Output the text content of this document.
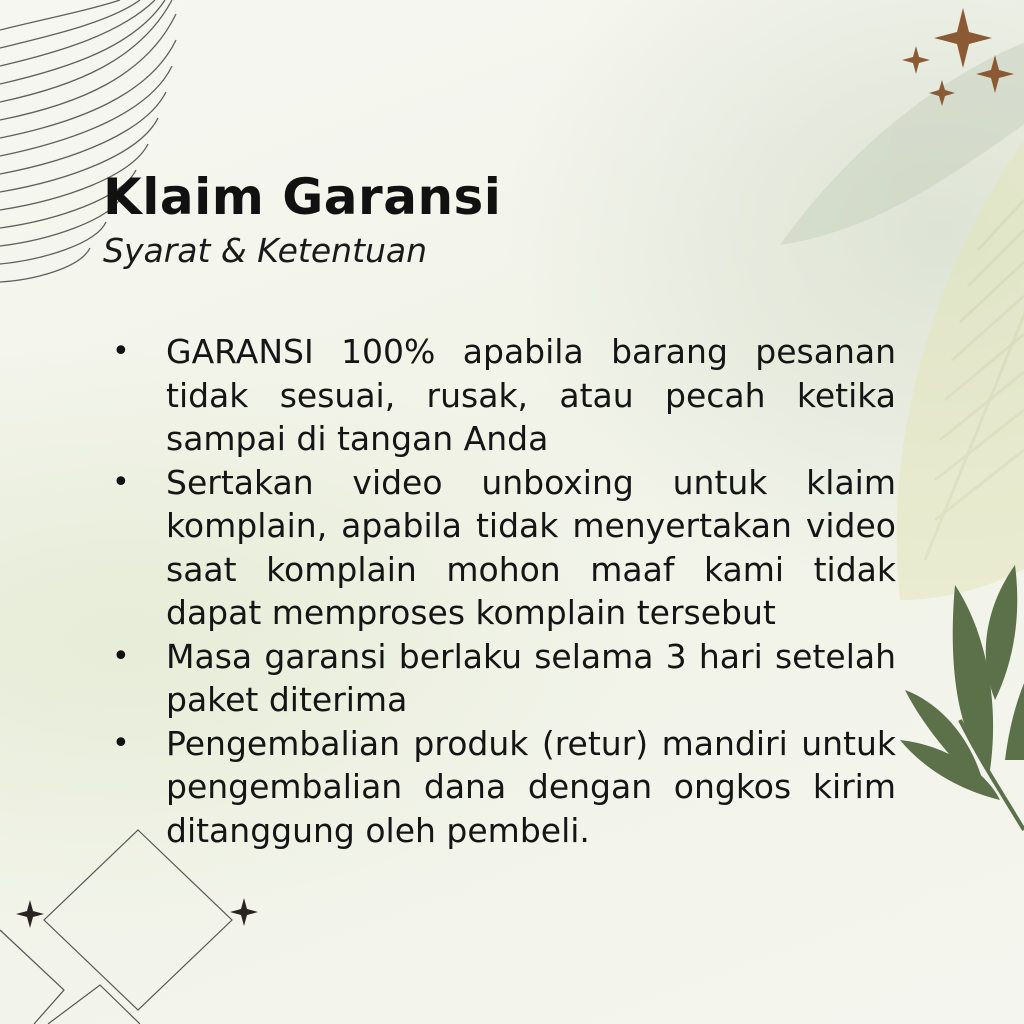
Klaim Garansi

Syarat & Ketentuan

•	GARANSI 100% apabila barang pesanan tidak sesuai, rusak, atau pecah ketika sampai di tangan Anda
•	Sertakan video unboxing untuk klaim komplain, apabila tidak menyertakan video saat komplain mohon maaf kami tidak dapat memproses komplain tersebut
•	Masa garansi berlaku selama 3 hari setelah paket diterima
•	Pengembalian produk (retur) mandiri untuk pengembalian dana dengan ongkos kirim ditanggung oleh pembeli.
